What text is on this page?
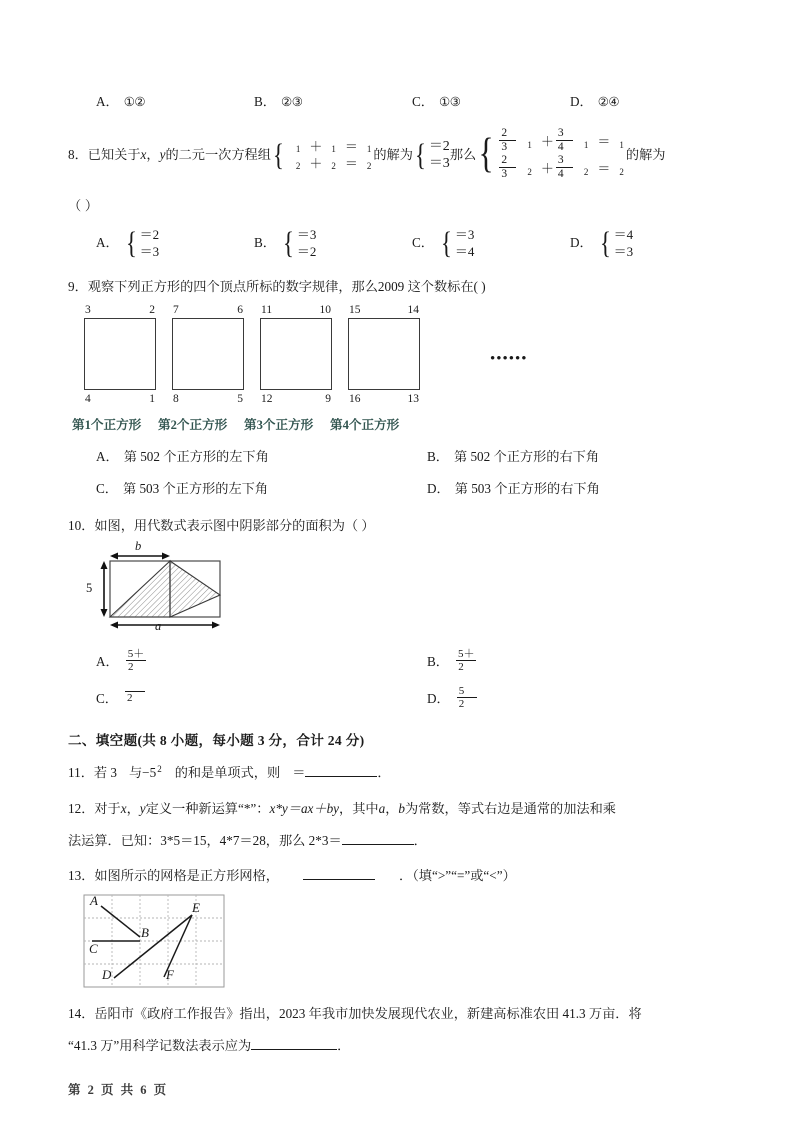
A． ①②	B． ②③	C． ①③	D． ②④
8． 已知关于 x ， y 的二元一次方程组 { 1 ＋ 1 ＝ 1
2 ＋ 2 ＝ 2
的解为 { ＝2
＝3
那么 { $\frac{2}{3} 1 + \frac{3}{4} 1 = 1$
$\frac{2}{3} 2 + \frac{3}{4} 2 = 2$
的解为
（ ）
A． { ＝2
＝3
B． { ＝3
＝2
C． { ＝3
＝4
D． { ＝4
＝3
9．观察下列正方形的四个顶点所标的数字规律，那么2009 这个数标在( )
3	2
4	1
7	6
8	5
11	10
12	9
15	14
16	13
••••••
第1个正方形	第2个正方形	第3个正方形	第4个正方形
A． 第 502 个正方形的左下角	B． 第 502 个正方形的右下角
C． 第 503 个正方形的左下角	D． 第 503 个正方形的右下角
10．如图，用代数式表示图中阴影部分的面积为（ ）
b
a
5
A． $\frac{5+}{2}$	B． $\frac{5+}{2}$
C． 2	D． $\frac{5}{2}$
二、填空题(共 8 小题，每小题 3 分，合计 24 分)
11．若 3 与$-5^2$ 的和是单项式，则 ＝	．
12．对于x，y定义一种新运算“*”：x*y＝ax＋by，其中a，b为常数，等式右边是通常的加法和乘
法运算．已知：3*5＝15，4*7＝28，那么 2*3＝	．
13．如图所示的网格是正方形网格，	．（填“>”“=”或“<”）
A
B
C
D
E
F
14．岳阳市《政府工作报告》指出，2023 年我市加快发展现代农业，新建高标准农田 41.3 万亩．将
“41.3 万”用科学记数法表示应为	．
第 2 页 共 6 页
